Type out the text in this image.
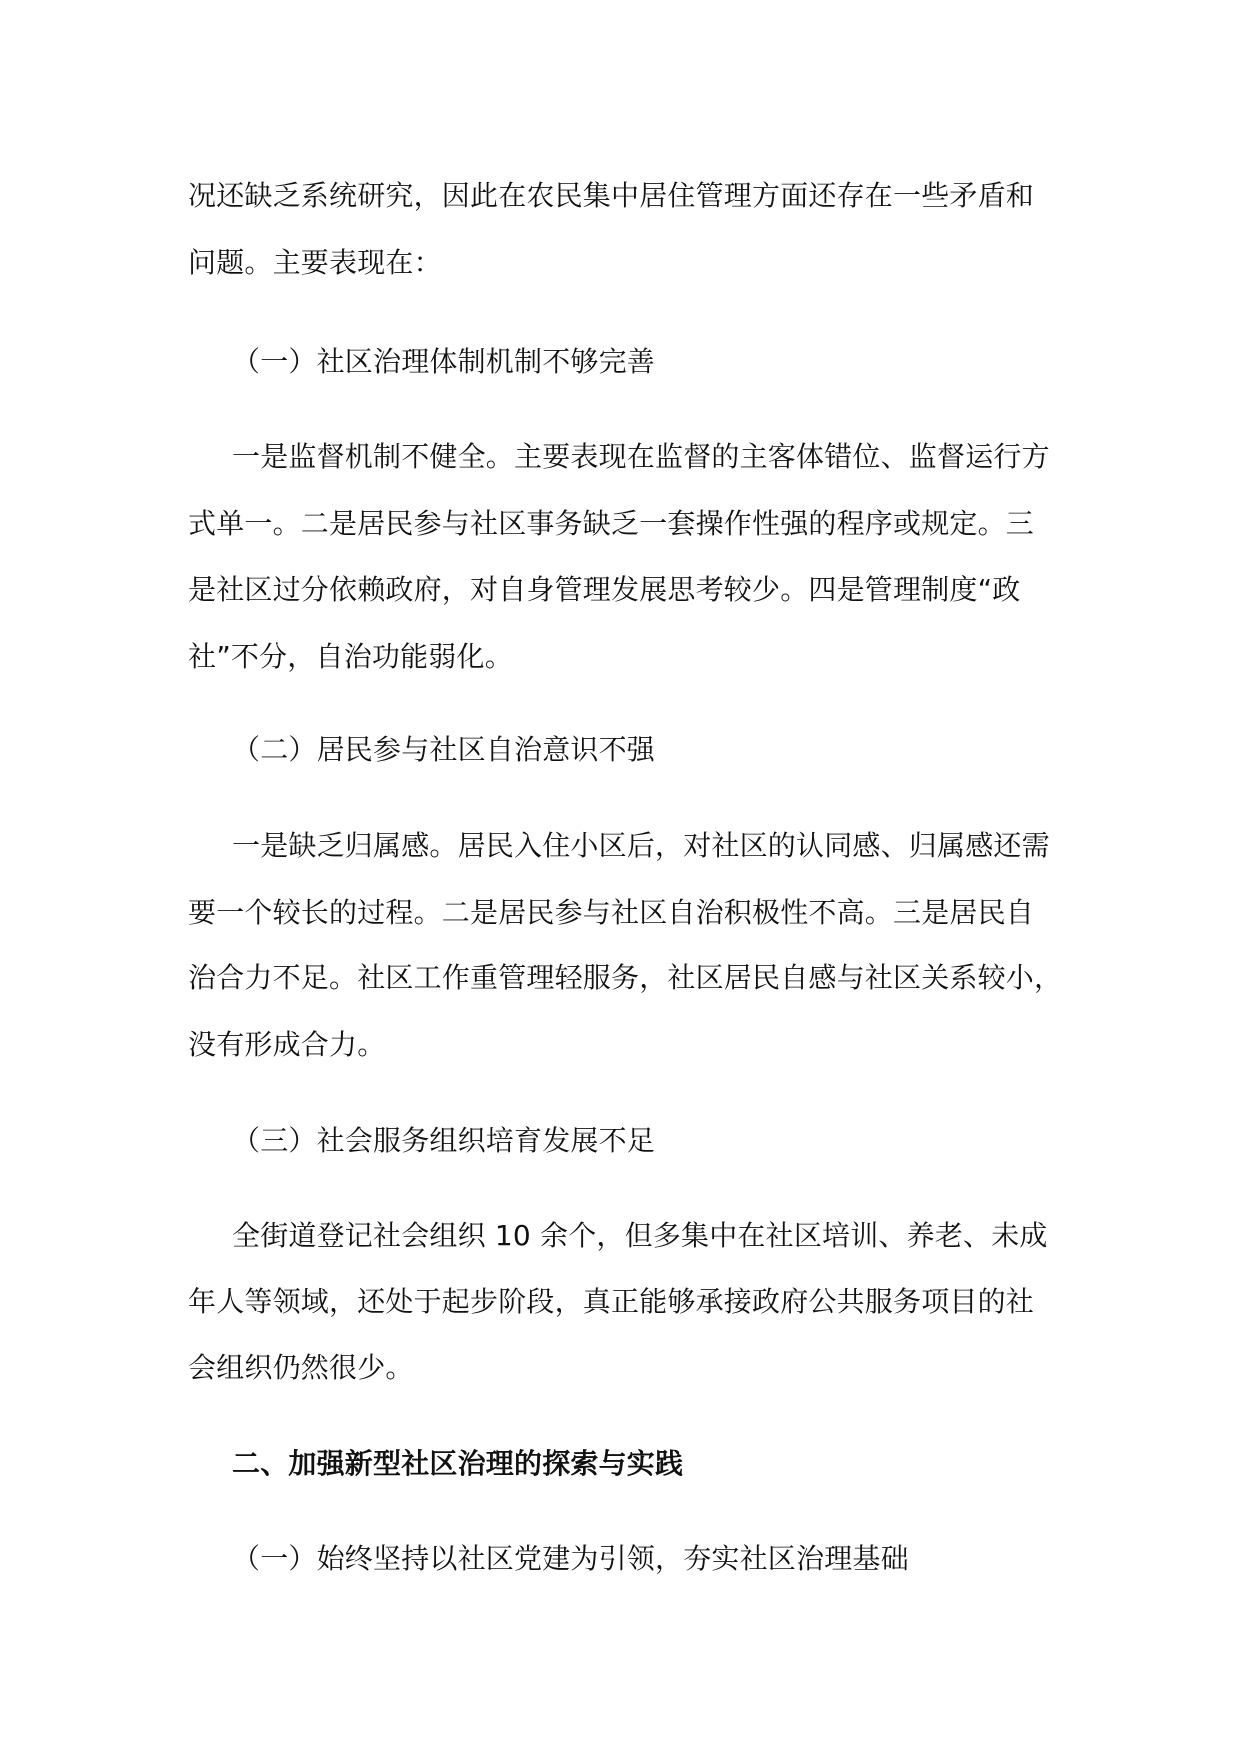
况还缺乏系统研究，因此在农民集中居住管理方面还存在一些矛盾和
问题。主要表现在：
（一）社区治理体制机制不够完善
一是监督机制不健全。主要表现在监督的主客体错位、监督运行方
式单一。二是居民参与社区事务缺乏一套操作性强的程序或规定。三
是社区过分依赖政府，对自身管理发展思考较少。四是管理制度“政
社”不分，自治功能弱化。
（二）居民参与社区自治意识不强
一是缺乏归属感。居民入住小区后，对社区的认同感、归属感还需
要一个较长的过程。二是居民参与社区自治积极性不高。三是居民自
治合力不足。社区工作重管理轻服务，社区居民自感与社区关系较小，
没有形成合力。
（三）社会服务组织培育发展不足
全街道登记社会组织 10 余个，但多集中在社区培训、养老、未成
年人等领域，还处于起步阶段，真正能够承接政府公共服务项目的社
会组织仍然很少。
二、加强新型社区治理的探索与实践
（一）始终坚持以社区党建为引领，夯实社区治理基础
